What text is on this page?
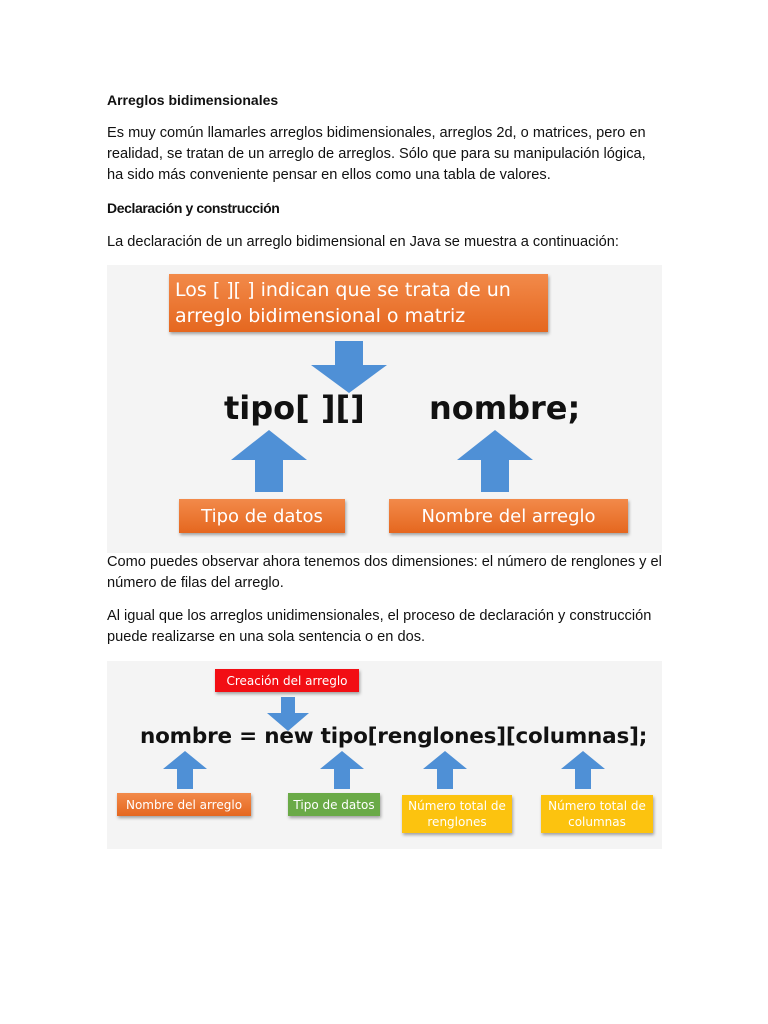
Arreglos bidimensionales

Es muy común llamarles arreglos bidimensionales, arreglos 2d, o matrices, pero en realidad, se tratan de un arreglo de arreglos. Sólo que para su manipulación lógica, ha sido más conveniente pensar en ellos como una tabla de valores.

Declaración y construcción

La declaración de un arreglo bidimensional en Java se muestra a continuación:

Como puedes observar ahora tenemos dos dimensiones: el número de renglones y el número de filas del arreglo.

Al igual que los arreglos unidimensionales, el proceso de declaración y construcción puede realizarse en una sola sentencia o en dos.

Los [ ][ ] indican que se trata de un arreglo bidimensional o matriz
tipo[ ][] nombre;
Tipo de datos	Nombre del arreglo
Creación del arreglo
nombre = new tipo[renglones][columnas];
Nombre del arreglo	Tipo de datos	Número total de renglones
Número total de columnas
